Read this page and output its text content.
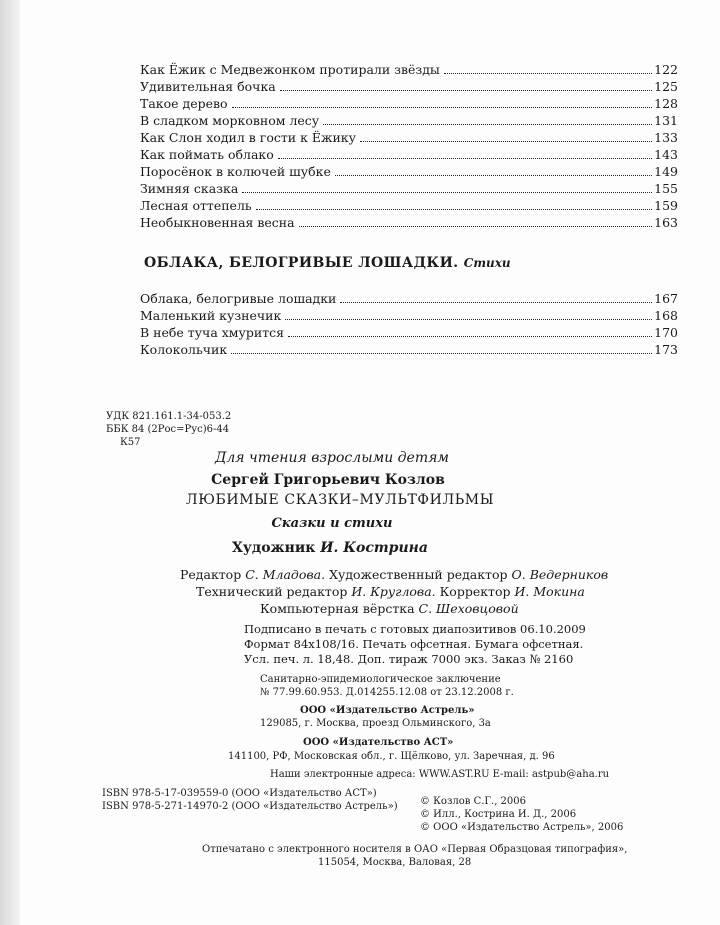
Как Ёжик с Медвежонком протирали звёзды	122
Удивительная бочка	125
Такое дерево	128
В сладком морковном лесу	131
Как Слон ходил в гости к Ёжику	133
Как поймать облако	143
Поросёнок в колючей шубке	149
Зимняя сказка	155
Лесная оттепель	159
Необыкновенная весна	163
ОБЛАКА, БЕЛОГРИВЫЕ ЛОШАДКИ. Стихи
Облака, белогривые лошадки	167
Маленький кузнечик	168
В небе туча хмурится	170
Колокольчик	173
УДК 821.161.1-34-053.2
ББК 84 (2Рос=Рус)6-44
К57
Для чтения взрослыми детям
Сергей Григорьевич Козлов
ЛЮБИМЫЕ СКАЗКИ–МУЛЬТФИЛЬМЫ
Сказки и стихи
Художник И. Кострина
Редактор С. Младова. Художественный редактор О. Ведерников
Технический редактор И. Круглова. Корректор И. Мокина
Компьютерная вёрстка С. Шеховцовой
Подписано в печать с готовых диапозитивов 06.10.2009
Формат 84х108/16. Печать офсетная. Бумага офсетная.
Усл. печ. л. 18,48. Доп. тираж 7000 экз. Заказ № 2160
Санитарно-эпидемиологическое заключение
№ 77.99.60.953. Д.014255.12.08 от 23.12.2008 г.
ООО «Издательство Астрель»
129085, г. Москва, проезд Ольминского, 3а
ООО «Издательство АСТ»
141100, РФ, Московская обл., г. Щёлково, ул. Заречная, д. 96
Наши электронные адреса: WWW.AST.RU E-mail: astpub@aha.ru
ISBN 978-5-17-039559-0 (ООО «Издательство АСТ»)
ISBN 978-5-271-14970-2 (ООО «Издательство Астрель») © Козлов С.Г., 2006
© Илл., Кострина И. Д., 2006
© ООО «Издательство Астрель», 2006
Отпечатано с электронного носителя в ОАО «Первая Образцовая типография»,
115054, Москва, Валовая, 28
